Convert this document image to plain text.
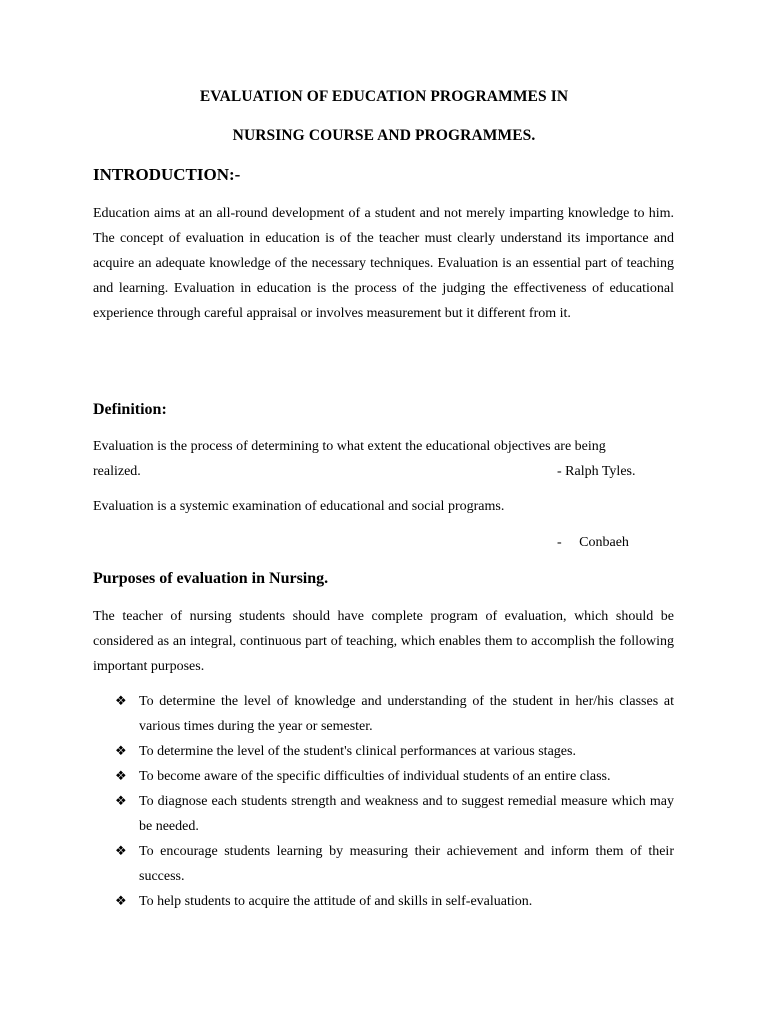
EVALUATION OF EDUCATION PROGRAMMES IN
NURSING COURSE AND PROGRAMMES.
INTRODUCTION:-
Education aims at an all-round development of a student and not merely imparting knowledge to him. The concept of evaluation in education is of the teacher must clearly understand its importance and acquire an adequate knowledge of the necessary techniques. Evaluation is an essential part of teaching and learning. Evaluation in education is the process of the judging the effectiveness of educational experience through careful appraisal or involves measurement but it different from it.
Definition:
Evaluation is the process of determining to what extent the educational objectives are being
realized.	- Ralph Tyles.
Evaluation is a systemic examination of educational and social programs.
-     Conbaeh
Purposes of evaluation in Nursing.
The teacher of nursing students should have complete program of evaluation, which should be considered as an integral, continuous part of teaching, which enables them to accomplish the following important purposes.
❖ To determine the level of knowledge and understanding of the student in her/his classes at various times during the year or semester.
❖ To determine the level of the student's clinical performances at various stages.
❖ To become aware of the specific difficulties of individual students of an entire class.
❖ To diagnose each students strength and weakness and to suggest remedial measure which may be needed.
❖ To encourage students learning by measuring their achievement and inform them of their success.
❖ To help students to acquire the attitude of and skills in self-evaluation.
